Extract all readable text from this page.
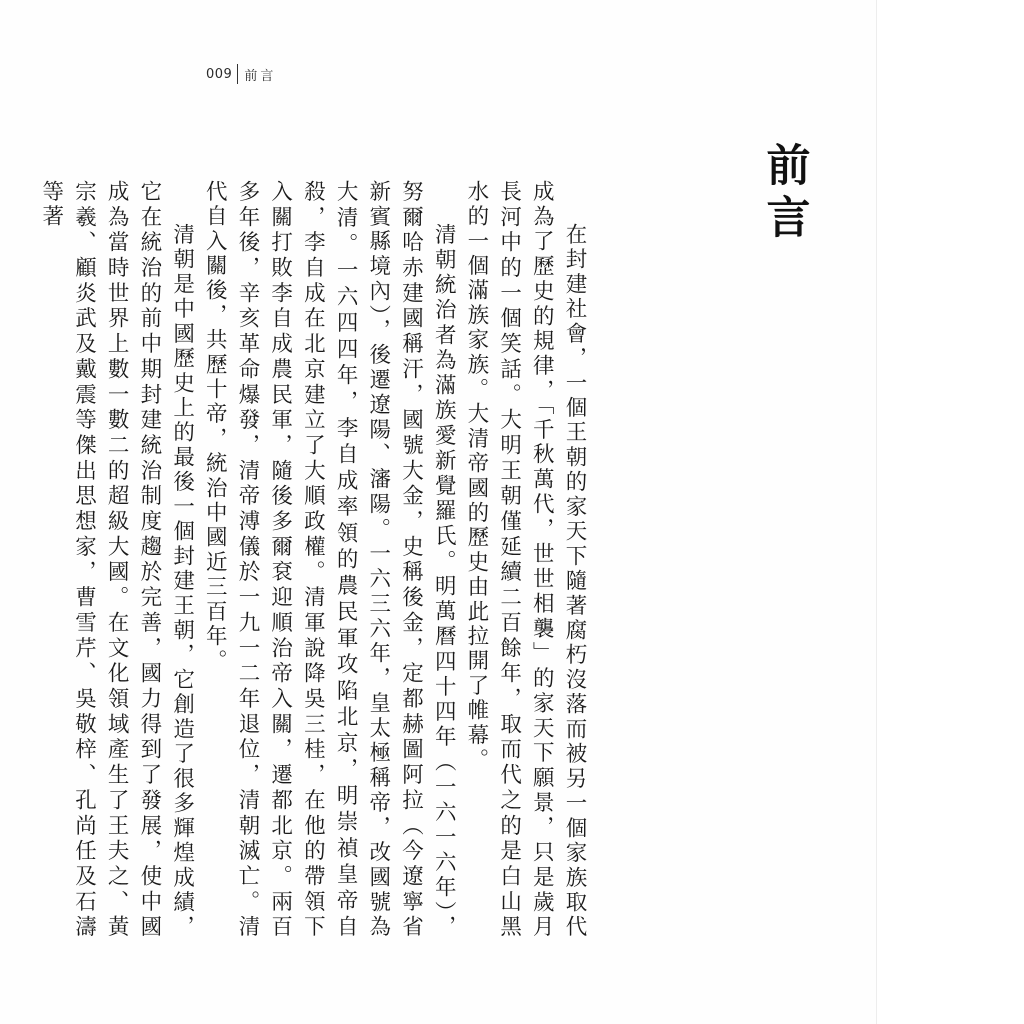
009 前言
前言

在封建社會，一個王朝的家天下隨著腐朽沒落而被另一個家族取代成為了歷史的規律，「千秋萬代，世世相襲」的家天下願景，只是歲月長河中的一個笑話。大明王朝僅延續二百餘年，取而代之的是白山黑水的一個滿族家族。大清帝國的歷史由此拉開了帷幕。

清朝統治者為滿族愛新覺羅氏。明萬曆四十四年（一六一六年），努爾哈赤建國稱汗，國號大金，史稱後金，定都赫圖阿拉（今遼寧省新賓縣境內），後遷遼陽、瀋陽。一六三六年，皇太極稱帝，改國號為大清。一六四四年，李自成率領的農民軍攻陷北京，明崇禎皇帝自殺，李自成在北京建立了大順政權。清軍說降吳三桂，在他的帶領下入關打敗李自成農民軍，隨後多爾袞迎順治帝入關，遷都北京。兩百多年後，辛亥革命爆發，清帝溥儀於一九一二年退位，清朝滅亡。清代自入關後，共歷十帝，統治中國近三百年。

清朝是中國歷史上的最後一個封建王朝，它創造了很多輝煌成績，它在統治的前中期封建統治制度趨於完善，國力得到了發展，使中國成為當時世界上數一數二的超級大國。在文化領域產生了王夫之、黃宗羲、顧炎武及戴震等傑出思想家，曹雪芹、吳敬梓、孔尚任及石濤等著
